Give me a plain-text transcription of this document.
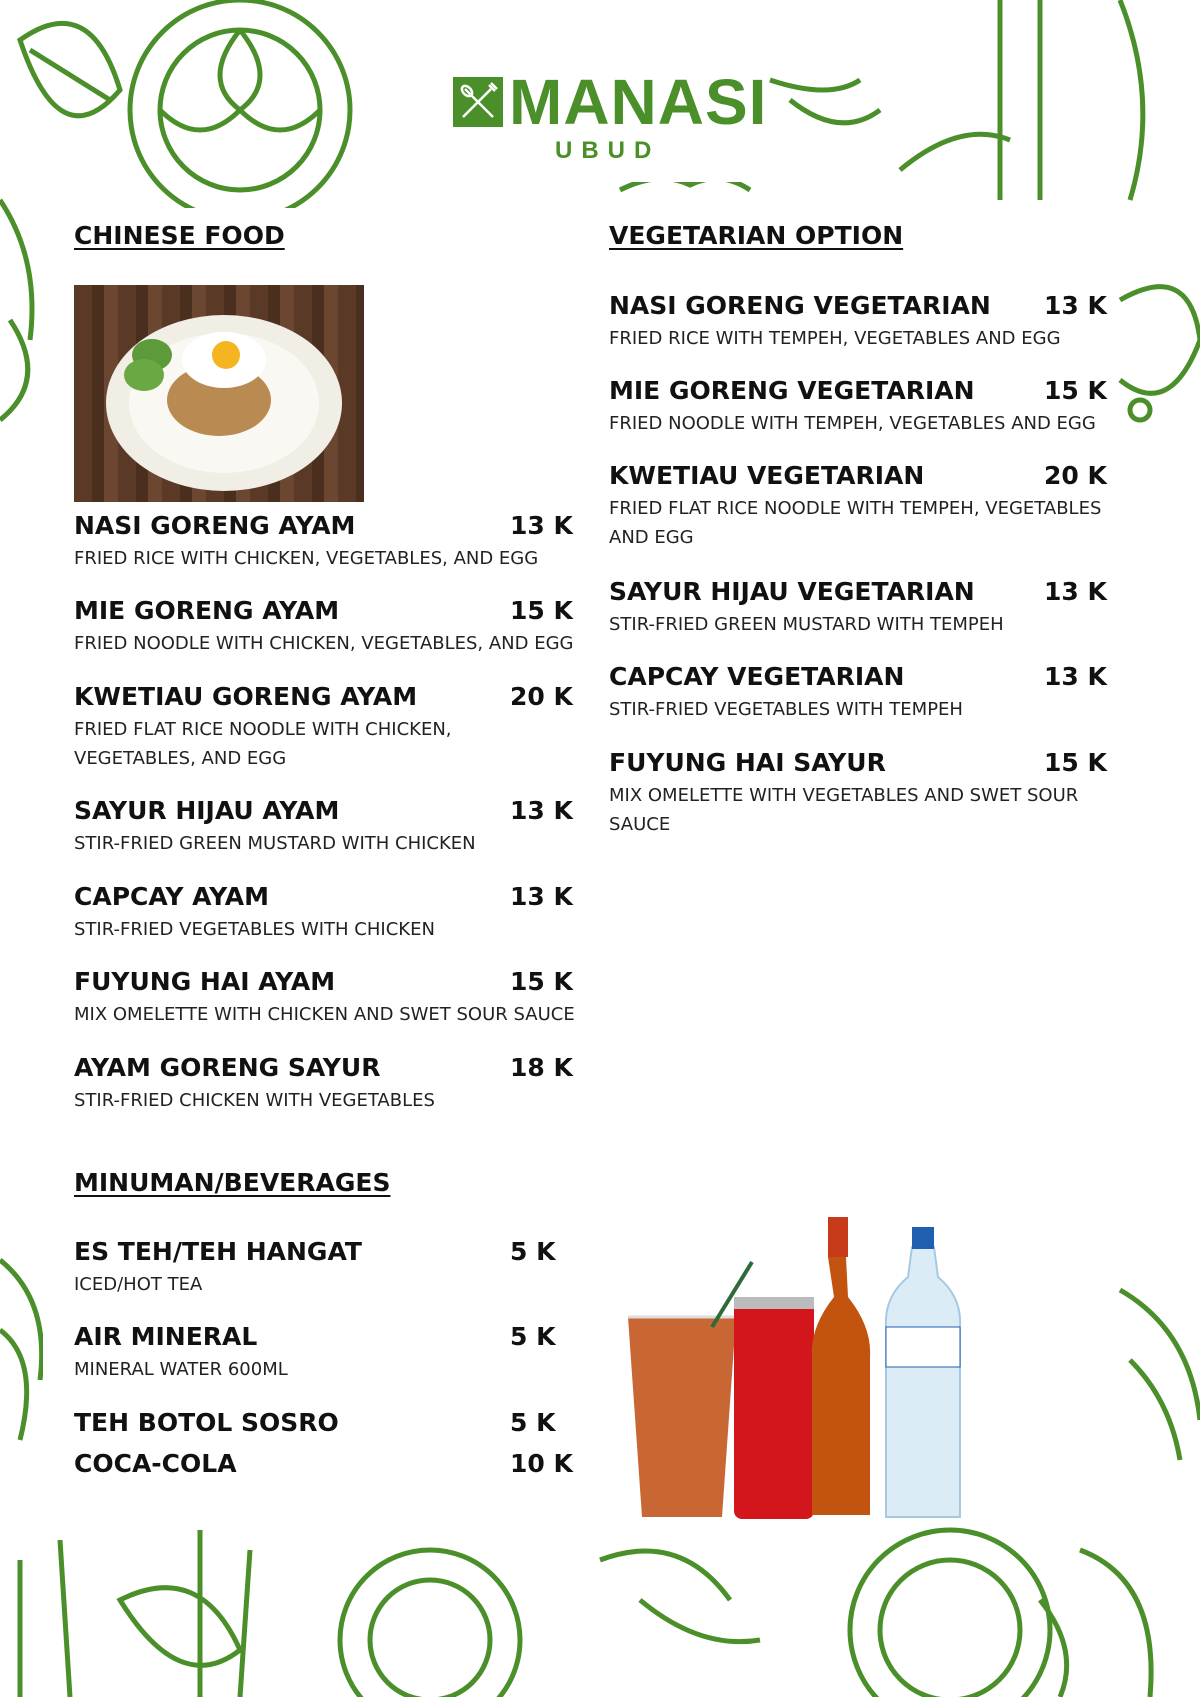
MANASI
UBUD
CHINESE FOOD	VEGETARIAN OPTION
MINUMAN/BEVERAGES
NASI GORENG AYAM	13 K
FRIED RICE WITH CHICKEN, VEGETABLES, AND EGG
MIE GORENG AYAM	15 K
FRIED NOODLE WITH CHICKEN, VEGETABLES, AND EGG
KWETIAU GORENG AYAM	20 K
FRIED FLAT RICE NOODLE WITH CHICKEN, VEGETABLES, AND EGG
SAYUR HIJAU AYAM	13 K
STIR-FRIED GREEN MUSTARD WITH CHICKEN
CAPCAY AYAM	13 K
STIR-FRIED VEGETABLES WITH CHICKEN
FUYUNG HAI AYAM	15 K
MIX OMELETTE WITH CHICKEN AND SWET SOUR SAUCE
AYAM GORENG SAYUR	18 K
STIR-FRIED CHICKEN WITH VEGETABLES
NASI GORENG VEGETARIAN	13 K
FRIED RICE WITH TEMPEH, VEGETABLES AND EGG
MIE GORENG VEGETARIAN	15 K
FRIED NOODLE WITH TEMPEH, VEGETABLES AND EGG
KWETIAU VEGETARIAN	20 K
FRIED FLAT RICE NOODLE WITH TEMPEH, VEGETABLES AND EGG
SAYUR HIJAU VEGETARIAN	13 K
STIR-FRIED GREEN MUSTARD WITH TEMPEH
CAPCAY VEGETARIAN	13 K
STIR-FRIED VEGETABLES WITH TEMPEH
FUYUNG HAI SAYUR	15 K
MIX OMELETTE WITH VEGETABLES AND SWET SOUR SAUCE
ES TEH/TEH HANGAT	5 K
ICED/HOT TEA
AIR MINERAL	5 K
MINERAL WATER 600ML
TEH BOTOL SOSRO	5 K
COCA-COLA	10 K
